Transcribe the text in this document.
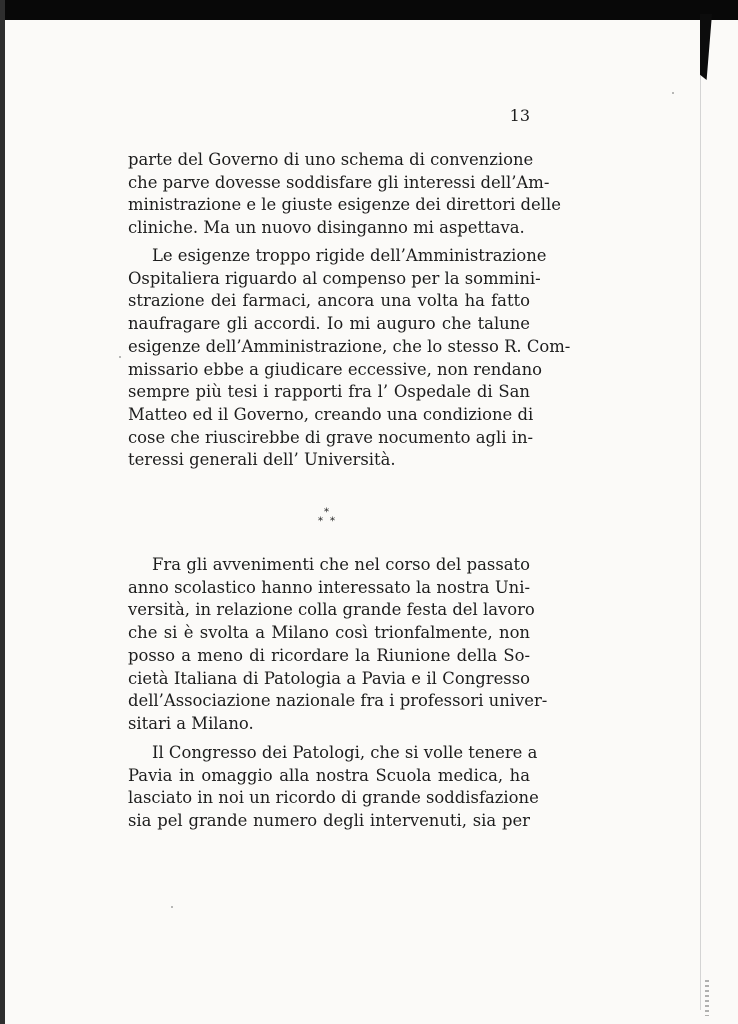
13
parte del Governo di uno schema di convenzione
che parve dovesse soddisfare gli interessi dell’Am-
ministrazione e le giuste esigenze dei direttori delle
cliniche. Ma un nuovo disinganno mi aspettava.
Le esigenze troppo rigide dell’Amministrazione
Ospitaliera riguardo al compenso per la sommini-
strazione dei farmaci, ancora una volta ha fatto
naufragare gli accordi. Io mi auguro che talune
esigenze dell’Amministrazione, che lo stesso R. Com-
missario ebbe a giudicare eccessive, non rendano
sempre più tesi i rapporti fra l’ Ospedale di San
Matteo ed il Governo, creando una condizione di
cose che riuscirebbe di grave nocumento agli in-
teressi generali dell’ Università.
*
* *
Fra gli avvenimenti che nel corso del passato
anno scolastico hanno interessato la nostra Uni-
versità, in relazione colla grande festa del lavoro
che si è svolta a Milano così trionfalmente, non
posso a meno di ricordare la Riunione della So-
cietà Italiana di Patologia a Pavia e il Congresso
dell’Associazione nazionale fra i professori univer-
sitari a Milano.
Il Congresso dei Patologi, che si volle tenere a
Pavia in omaggio alla nostra Scuola medica, ha
lasciato in noi un ricordo di grande soddisfazione
sia pel grande numero degli intervenuti, sia per
